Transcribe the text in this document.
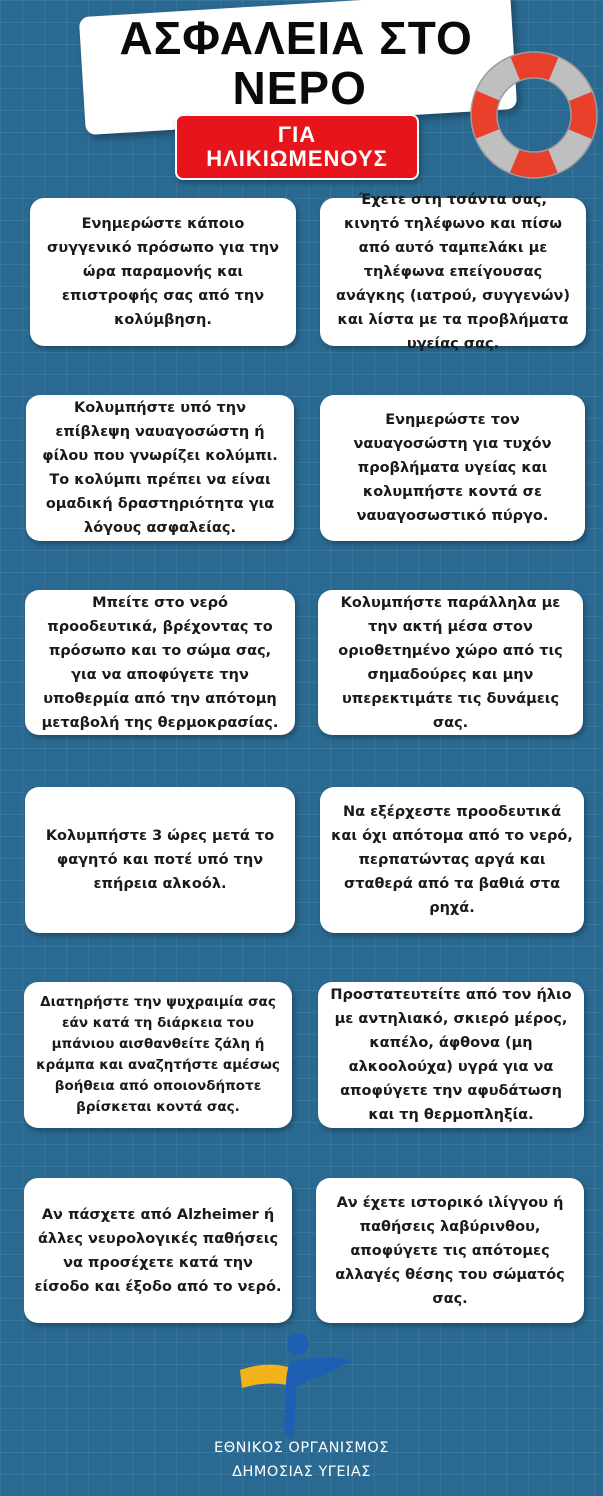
ΑΣΦΑΛΕΙΑ ΣΤΟ
ΝΕΡΟ
ΓΙΑ
ΗΛΙΚΙΩΜΕΝΟΥΣ
Ενημερώστε κάποιο συγγενικό πρόσωπο για την ώρα παραμονής και επιστροφής σας από την κολύμβηση.
Έχετε στη τσάντα σας, κινητό τηλέφωνο και πίσω από αυτό ταμπελάκι με τηλέφωνα επείγουσας ανάγκης (ιατρού, συγγενών) και λίστα με τα προβλήματα υγείας σας.
Κολυμπήστε υπό την επίβλεψη ναυαγοσώστη ή φίλου που γνωρίζει κολύμπι. Το κολύμπι πρέπει να είναι ομαδική δραστηριότητα για λόγους ασφαλείας.
Ενημερώστε τον ναυαγοσώστη για τυχόν προβλήματα υγείας και κολυμπήστε κοντά σε ναυαγοσωστικό πύργο.
Μπείτε στο νερό προοδευτικά, βρέχοντας το πρόσωπο και το σώμα σας, για να αποφύγετε την υποθερμία από την απότομη μεταβολή της θερμοκρασίας.
Κολυμπήστε παράλληλα με την ακτή μέσα στον οριοθετημένο χώρο από τις σημαδούρες και μην υπερεκτιμάτε τις δυνάμεις σας.
Κολυμπήστε 3 ώρες μετά το φαγητό και ποτέ υπό την επήρεια αλκοόλ.
Να εξέρχεστε προοδευτικά και όχι απότομα από το νερό, περπατώντας αργά και σταθερά από τα βαθιά στα ρηχά.
Διατηρήστε την ψυχραιμία σας εάν κατά τη διάρκεια του μπάνιου αισθανθείτε ζάλη ή κράμπα και αναζητήστε αμέσως βοήθεια από οποιονδήποτε βρίσκεται κοντά σας.
Προστατευτείτε από τον ήλιο με αντηλιακό, σκιερό μέρος, καπέλο, άφθονα (μη αλκοολούχα) υγρά για να αποφύγετε την αφυδάτωση και τη θερμοπληξία.
Αν πάσχετε από Alzheimer ή άλλες νευρολογικές παθήσεις να προσέχετε κατά την είσοδο και έξοδο από το νερό.
Αν έχετε ιστορικό ιλίγγου ή παθήσεις λαβύρινθου, αποφύγετε τις απότομες αλλαγές θέσης του σώματός σας.
ΕΘΝΙΚΟΣ ΟΡΓΑΝΙΣΜΟΣ
ΔΗΜΟΣΙΑΣ ΥΓΕΙΑΣ
